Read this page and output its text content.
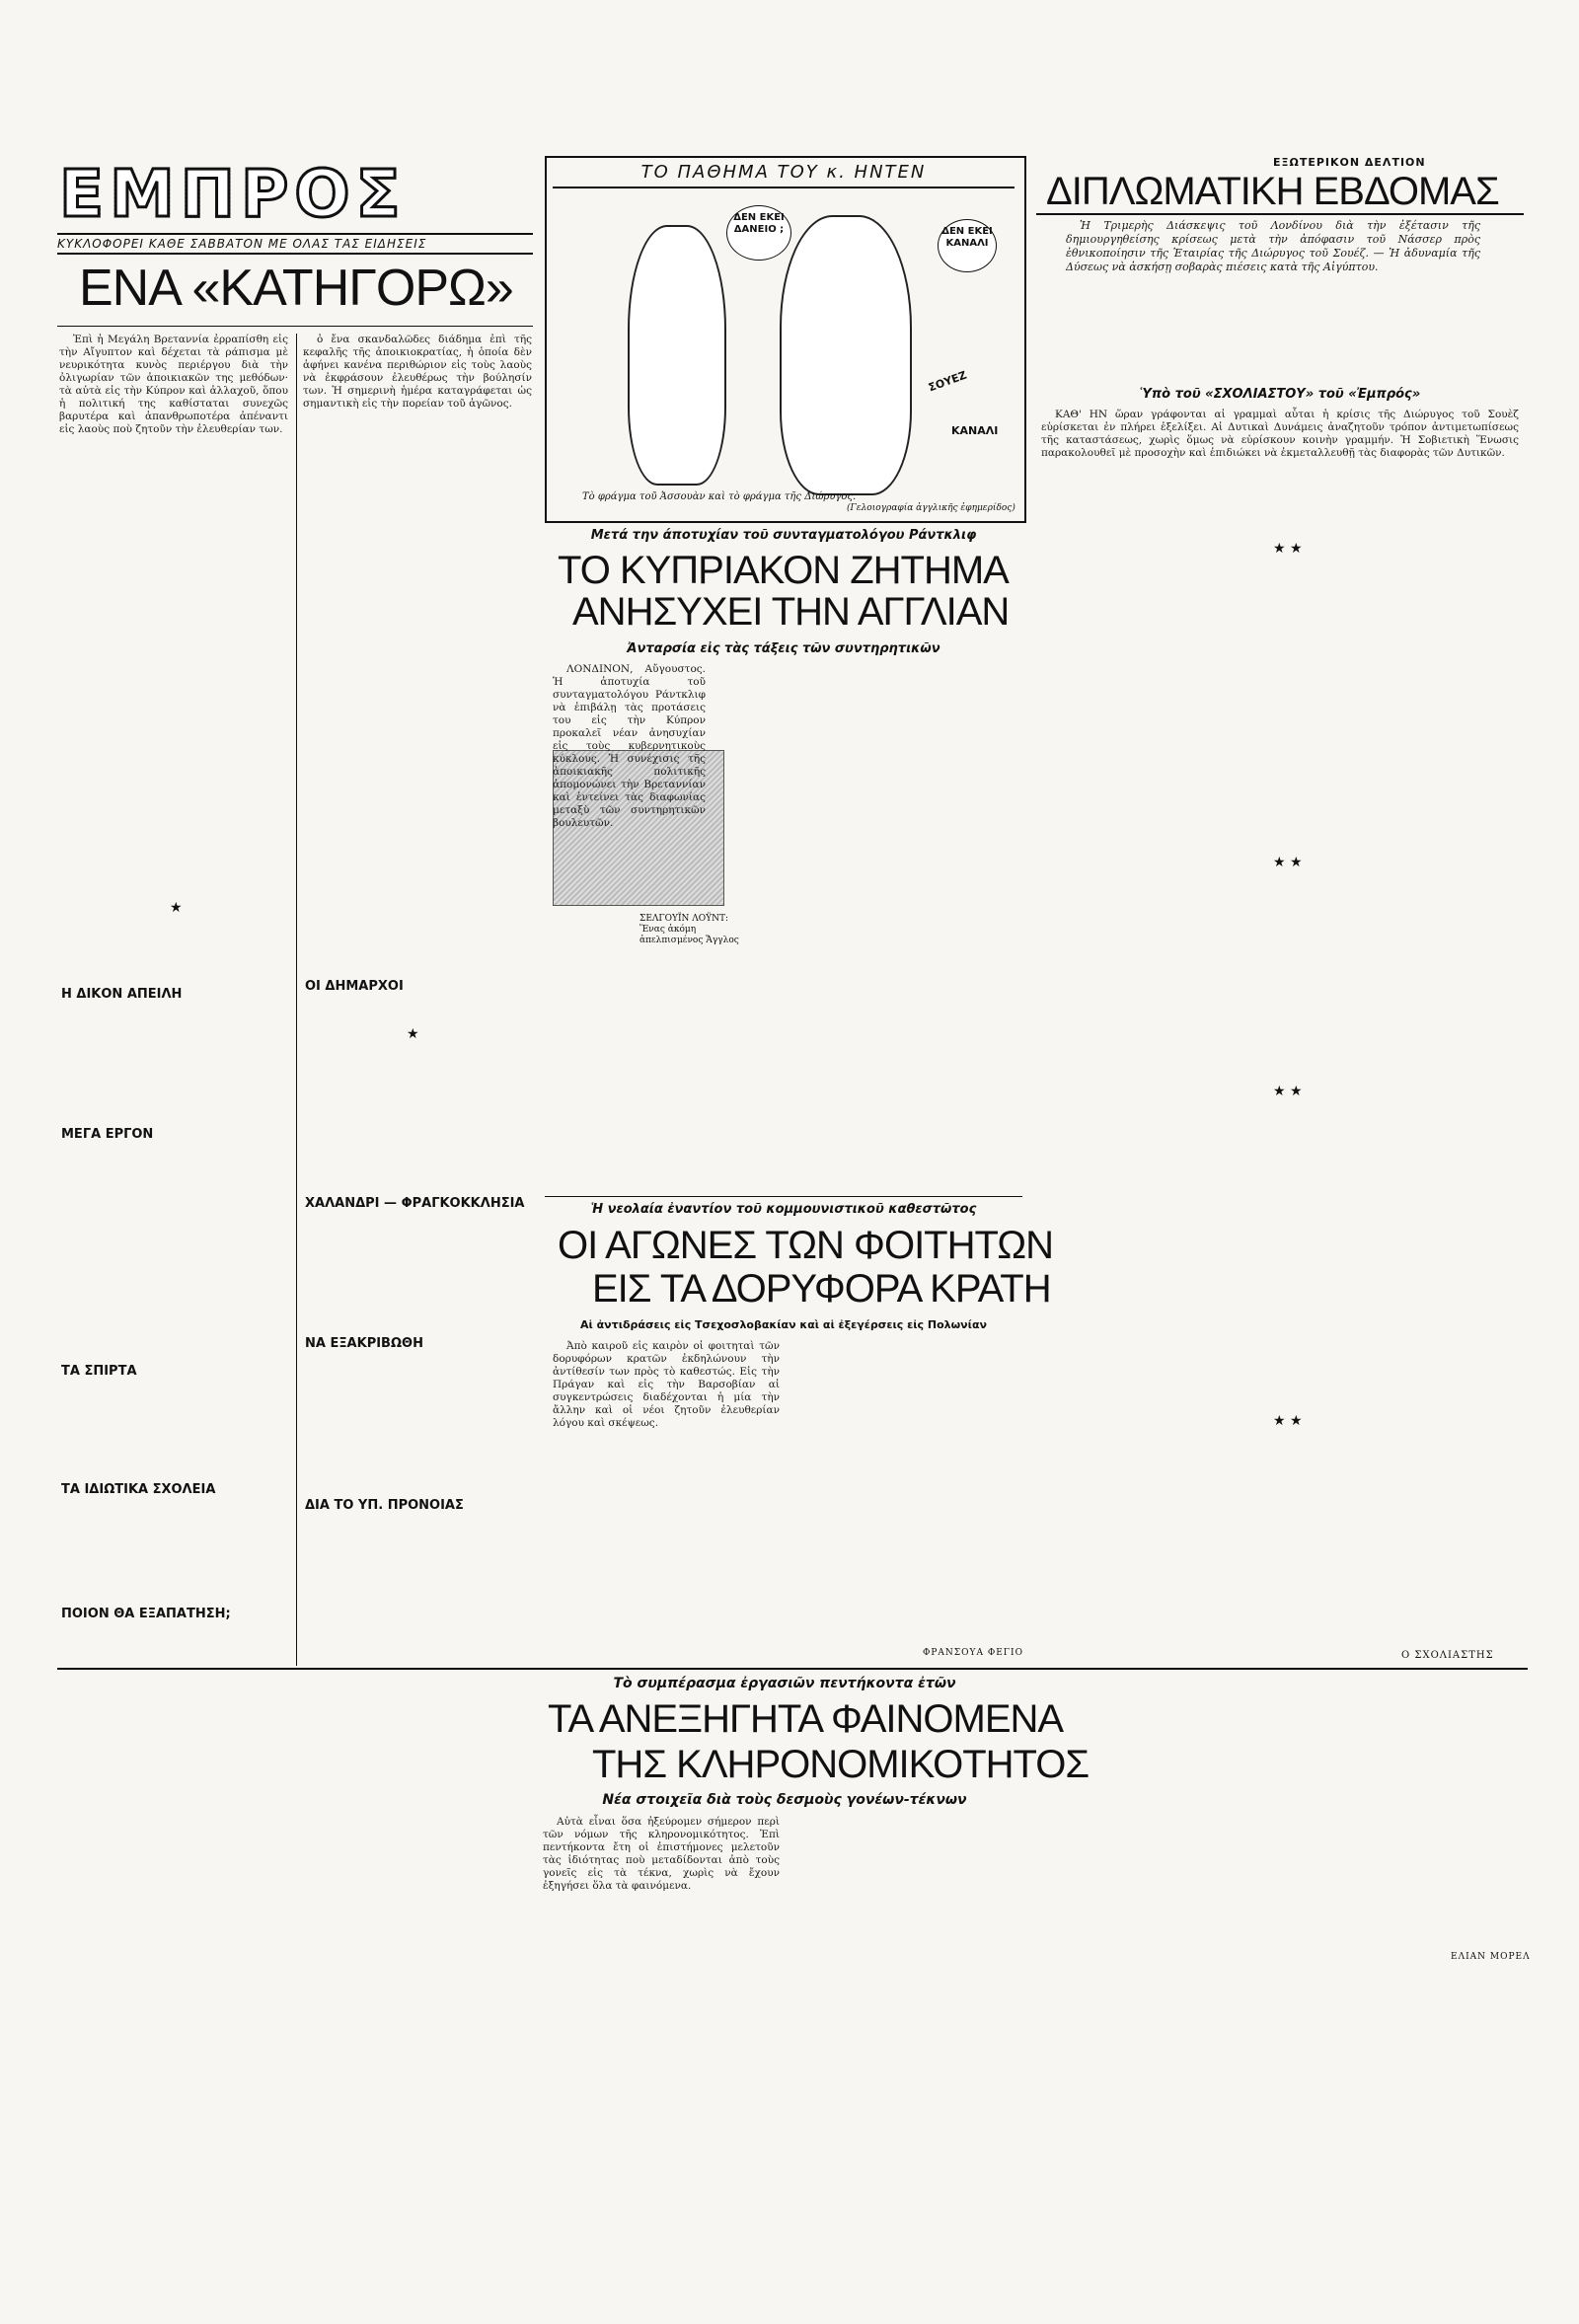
ΕΜΠΡΟΣ
ΚΥΚΛΟΦΟΡΕΙ ΚΑΘΕ ΣΑΒΒΑΤΟΝ ΜΕ ΟΛΑΣ ΤΑΣ ΕΙΔΗΣΕΙΣ
ΕΝΑ «ΚΑΤΗΓΟΡΩ»

Ἐπὶ ἡ Μεγάλη Βρεταννία ἐρραπίσθη εἰς τὴν Αἴγυπτον καὶ δέχεται τὰ ράπισμα μὲ νευρικότητα κυνὸς περιέργου διὰ τὴν ὀλιγωρίαν τῶν ἀποικιακῶν της μεθόδων· τὰ αὐτὰ εἰς τὴν Κύπρον καὶ ἀλλαχοῦ, ὅπου ἡ πολιτική της καθίσταται συνεχῶς βαρυτέρα καὶ ἀπανθρωποτέρα ἀπέναντι εἰς λαοὺς ποὺ ζητοῦν τὴν ἐλευθερίαν των.

ὁ ἔνα σκανδαλῶδες διάδημα ἐπὶ τῆς κεφαλῆς τῆς ἀποικιοκρατίας, ἡ ὁποία δὲν ἀφήνει κανένα περιθώριον εἰς τοὺς λαοὺς νὰ ἐκφράσουν ἐλευθέρως τὴν βούλησίν των. Ἡ σημερινὴ ἡμέρα καταγράφεται ὡς σημαντικὴ εἰς τὴν πορείαν τοῦ ἀγῶνος.

★
Η ΔΙΚΟΝ ΑΠΕΙΛΗ
ΜΕΓΑ ΕΡΓΟΝ
ΤΑ ΣΠΙΡΤΑ
ΤΑ ΙΔΙΩΤΙΚΑ ΣΧΟΛΕΙΑ
ΠΟΙΟΝ ΘΑ ΕΞΑΠΑΤΗΣΗ;
ΟΙ ΔΗΜΑΡΧΟΙ
ΧΑΛΑΝΔΡΙ — ΦΡΑΓΚΟΚΚΛΗΣΙΑ
ΝΑ ΕΞΑΚΡΙΒΩΘΗ
ΔΙΑ ΤΟ ΥΠ. ΠΡΟΝΟΙΑΣ
★
ΤΟ ΠΑΘΗΜΑ ΤΟΥ κ. ΗΝΤΕΝ
ΔΕΝ ΕΚΕΙ ΔΑΝΕΙΟ ;	ΔΕΝ ΕΚΕΙ ΚΑΝΑΛΙ
ΚΑΝΑΛΙ
ΣΟΥΕΖ
Τὸ φράγμα τοῦ Ἀσσουὰν καὶ τὸ φράγμα τῆς Διώρυγος.
(Γελοιογραφία ἀγγλικῆς ἐφημερίδος)
Μετά την άποτυχίαν τοῦ συνταγματολόγου Ράντκλιφ
ΤΟ ΚΥΠΡΙΑΚΟΝ ΖΗΤΗΜΑ
ΑΝΗΣΥΧΕΙ ΤΗΝ ΑΓΓΛΙΑΝ
Ἀνταρσία εἰς τὰς τάξεις τῶν συντηρητικῶν
ΣΕΛΓΟΥΪΝ ΛΟΫΝΤ: Ἕνας ἀκόμη ἀπελπισμένος Ἄγγλος

ΛΟΝΔΙΝΟΝ, Αὔγουστος. Ἡ ἀποτυχία τοῦ συνταγματολόγου Ράντκλιφ νὰ ἐπιβάλῃ τὰς προτάσεις του εἰς τὴν Κύπρον προκαλεῖ νέαν ἀνησυχίαν εἰς τοὺς κυβερνητικοὺς κύκλους. Ἡ συνέχισις τῆς ἀποικιακῆς πολιτικῆς ἀπομονώνει τὴν Βρεταννίαν καὶ ἐντείνει τὰς διαφωνίας μεταξὺ τῶν συντηρητικῶν βουλευτῶν.

ΦΡΑΝΣΟΥΑ ΦΕΓΙΟ
Ἡ νεολαία ἐναντίον τοῦ κομμουνιστικοῦ καθεστῶτος
ΟΙ ΑΓΩΝΕΣ ΤΩΝ ΦΟΙΤΗΤΩΝ
ΕΙΣ ΤΑ ΔΟΡΥΦΟΡΑ ΚΡΑΤΗ
Αἱ ἀντιδράσεις εἰς Τσεχοσλοβακίαν καὶ αἱ ἐξεγέρσεις εἰς Πολωνίαν

Ἀπὸ καιροῦ εἰς καιρὸν οἱ φοιτηταὶ τῶν δορυφόρων κρατῶν ἐκδηλώνουν τὴν ἀντίθεσίν των πρὸς τὸ καθεστώς. Εἰς τὴν Πράγαν καὶ εἰς τὴν Βαρσοβίαν αἱ συγκεντρώσεις διαδέχονται ἡ μία τὴν ἄλλην καὶ οἱ νέοι ζητοῦν ἐλευθερίαν λόγου καὶ σκέψεως.

ΕΞΩΤΕΡΙΚΟΝ ΔΕΛΤΙΟΝ
ΔΙΠΛΩΜΑΤΙΚΗ ΕΒΔΟΜΑΣ

Ἡ Τριμερὴς Διάσκεψις τοῦ Λονδίνου διὰ τὴν ἐξέτασιν τῆς δημιουργηθείσης κρίσεως μετὰ τὴν ἀπόφασιν τοῦ Νάσσερ πρὸς ἐθνικοποίησιν τῆς Ἑταιρίας τῆς Διώρυγος τοῦ Σουέζ. — Ἡ ἀδυναμία τῆς Δύσεως νὰ ἀσκήσῃ σοβαρὰς πιέσεις κατὰ τῆς Αἰγύπτου.

Ὑπὸ τοῦ «ΣΧΟΛΙΑΣΤΟΥ» τοῦ «Ἐμπρός»

ΚΑΘ' ΗΝ ὥραν γράφονται αἱ γραμμαὶ αὗται ἡ κρίσις τῆς Διώρυγος τοῦ Σουὲζ εὑρίσκεται ἐν πλήρει ἐξελίξει. Αἱ Δυτικαὶ Δυνάμεις ἀναζητοῦν τρόπον ἀντιμετωπίσεως τῆς καταστάσεως, χωρὶς ὅμως νὰ εὑρίσκουν κοινὴν γραμμήν. Ἡ Σοβιετικὴ Ἕνωσις παρακολουθεῖ μὲ προσοχὴν καὶ ἐπιδιώκει νὰ ἐκμεταλλευθῇ τὰς διαφορὰς τῶν Δυτικῶν.

★ ★
★ ★
★ ★
★ ★
Ο ΣΧΟΛΙΑΣΤΗΣ
Τὸ συμπέρασμα ἐργασιῶν πεντήκοντα ἐτῶν
ΤΑ ΑΝΕΞΗΓΗΤΑ ΦΑΙΝΟΜΕΝΑ
ΤΗΣ ΚΛΗΡΟΝΟΜΙΚΟΤΗΤΟΣ
Νέα στοιχεῖα διὰ τοὺς δεσμοὺς γονέων-τέκνων

Αὐτὰ εἶναι ὅσα ἠξεύρομεν σήμερον περὶ τῶν νόμων τῆς κληρονομικότητος. Ἐπὶ πεντήκοντα ἔτη οἱ ἐπιστήμονες μελετοῦν τὰς ἰδιότητας ποὺ μεταδίδονται ἀπὸ τοὺς γονεῖς εἰς τὰ τέκνα, χωρὶς νὰ ἔχουν ἐξηγήσει ὅλα τὰ φαινόμενα.

ΕΛΙΑΝ ΜΟΡΕΛ
